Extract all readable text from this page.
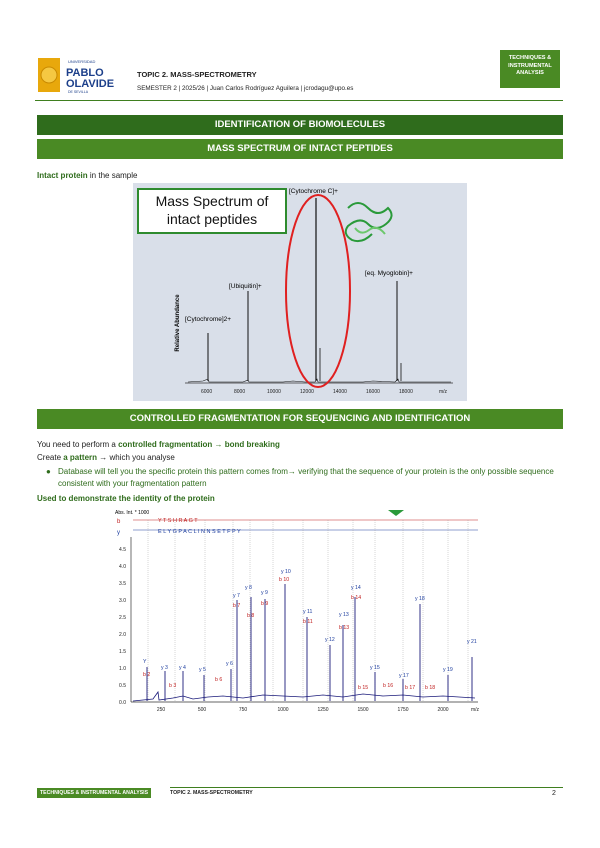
UNIVERSIDAD
PABLO
OLAVIDE
DE SEVILLA
TOPIC 2. MASS-SPECTROMETRY
SEMESTER 2 | 2025/26 | Juan Carlos Rodríguez Aguilera | jcrodagu@upo.es
TECHNIQUES &
INSTRUMENTAL
ANALYSIS
IDENTIFICATION OF BIOMOLECULES
MASS SPECTRUM OF INTACT PEPTIDES
Intact protein in the sample
Mass Spectrum of
intact peptides
Relative Abundance [Cytochrome]2+
[Ubiquitin]+
[Cytochrome C]+
[eq. Myoglobin]+
6000	8000	10000	12000	14000	16000	18000	m/z
CONTROLLED FRAGMENTATION FOR SEQUENCING AND IDENTIFICATION
You need to perform a controlled fragmentation → bond breaking
Create a pattern → which you analyse
● Database will tell you the specific protein this pattern comes from→ verifying that the sequence of your protein is the only possible sequence consistent with your fragmentation pattern
Used to demonstrate the identity of the protein
Abs. Int. * 1000
b
y
Y T S H R A G T
E L Y G P A C L I N N S E T F P Y
0.0
0.5
1.0
1.5
2.0
2.5
3.0
3.5
4.0
4.5
250	500	750	1000	1250	1500	1750	2000	m/z
y 3 y 4	y 5
y 6
y 7
y 8
y 9
y 10
y 11
y 12
y 13
y 14
y 15
y 17
y 18
y 19
y 21
Y
b 2
b 3
b 6
b 7
b 8
b 9
b 10
b 11
b 13
b 14
b 15	b 16 b 17 b 18
TECHNIQUES & INSTRUMENTAL ANALYSIS	TOPIC 2. MASS-SPECTROMETRY	2
